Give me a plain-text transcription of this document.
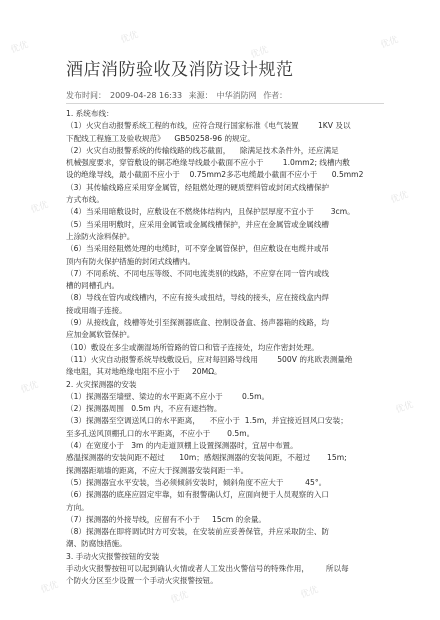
优优
优优
优优
优优
优优
优优
优优
优优
优优
优优	优优
酒店消防验收及消防设计规范
发布时间： 2009-04-28 16:33 来源： 中华消防网 作者：
1. 系统布线：
（1）火灾自动报警系统工程的布线，应符合现行国家标准《电气装置        1KV 及以
下配线工程施工及验收规范》    GB50258-96 的规定。
（2）火灾自动报警系统的传输线路的线芯截面，    除满足技术条件外，还应满足
机械强度要求，穿管敷设的铜芯绝缘导线最小截面不应小于        1.0mm2; 线槽内敷
设的绝缘导线，最小截面不应小于    0.75mm2多芯电缆最小截面不应小于      0.5mm2
（3）其传输线路应采用穿金属管，经阻燃处理的硬质塑料管或封闭式线槽保护
方式布线。
（4）当采用暗敷设时，应敷设在不燃烧体结构内，且保护层厚度不宜小于       3cm。
（5）当采用明敷时，应采用金属管或金属线槽保护，并应在金属管或金属线槽
上涂防火涂料保护。
（6）当采用经阻燃处理的电缆时，可不穿金属管保护，但应敷设在电缆井或吊
顶内有防火保护措施的封闭式线槽内。
（7）不同系统、不同电压等级、不同电流类别的线路，不应穿在同一管内或线
槽的同槽孔内。
（8）导线在管内或线槽内，不应有接头或扭结，导线的接头，应在接线盒内焊
接或用端子连接。
（9）从接线盒，线槽等处引至探测器底盒、控制设备盒、扬声器箱的线路，均
应加金属软管保护。
（10）敷设在多尘或潮湿场所管路的管口和管子连接处，均应作密封处理。
（11）火灾自动报警系统导线敷设后，应对每回路导线用        500V 的兆欧表测量绝
缘电阻，其对地绝缘电阻不应小于     20MΩ。
2. 火灾探测器的安装
（1）探测器至墙壁、梁边的水平距离不应小于        0.5m。
（2）探测器周围   0.5m 内，不应有遮挡物。
（3）探测器至空调送风口的水平距离，    不应小于  1.5m，并宜接近回风口安装；
至多孔送风顶棚孔口的水平距离，不应小于       0.5m。
（4）在宽度小于   3m 的内走道顶棚上设置探测器时，宜居中布置。
感温探测器的安装间距不超过      10m；感烟探测器的安装间距，不超过       15m;
探测器距端墙的距离，不应大于探测器安装间距一半。
（5）探测器宜水平安装，当必须倾斜安装时，倾斜角度不应大于         45°。
（6）探测器的底座应固定牢靠，如有报警确认灯，应面向便于人员观察的入口
方向。
（7）探测器的外接导线，应留有不小于     15cm 的余量。
（8）探测器在即将调试时方可安装，在安装前应妥善保管，并应采取防尘、防
潮、防腐蚀措施。
3. 手动火灾报警按钮的安装
手动火灾报警按钮可以起到确认火情或者人工发出火警信号的特殊作用，       所以每
个防火分区至少设置一个手动火灾报警按钮。
